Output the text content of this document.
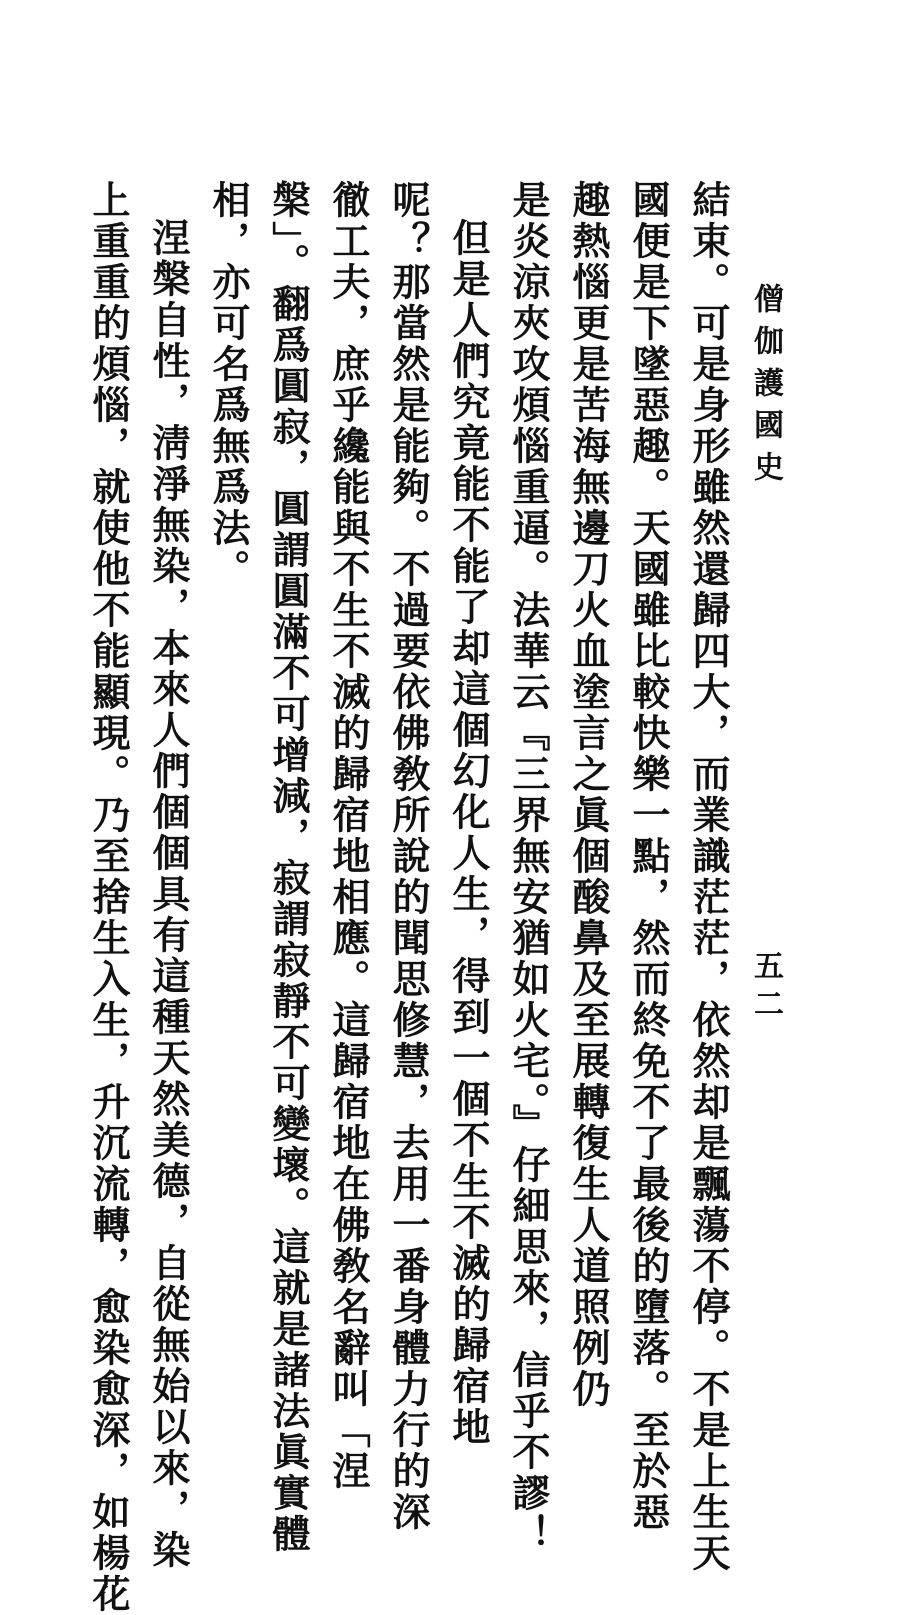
僧伽護國史
五二

結束。可是身形雖然還歸四大，而業識茫茫，依然却是飄蕩不停。不是上生天

國便是下墜惡趣。天國雖比較快樂一點，然而終免不了最後的墮落。至於惡

趣熱惱更是苦海無邊刀火血塗言之眞個酸鼻及至展轉復生人道照例仍

是炎涼夾攻煩惱重逼。法華云『三界無安猶如火宅。』仔細思來，信乎不謬！

但是人們究竟能不能了却這個幻化人生，得到一個不生不滅的歸宿地

呢？那當然是能夠。不過要依佛敎所說的聞思修慧，去用一番身體力行的深

徹工夫，庶乎纔能與不生不滅的歸宿地相應。這歸宿地在佛敎名辭叫「涅

槃」。翻爲圓寂，圓謂圓滿不可增減，寂謂寂靜不可變壞。這就是諸法眞實體

相，亦可名爲無爲法。

涅槃自性，淸淨無染，本來人們個個具有這種天然美德，自從無始以來，染

上重重的煩惱，就使他不能顯現。乃至捨生入生，升沉流轉，愈染愈深，如楊花
